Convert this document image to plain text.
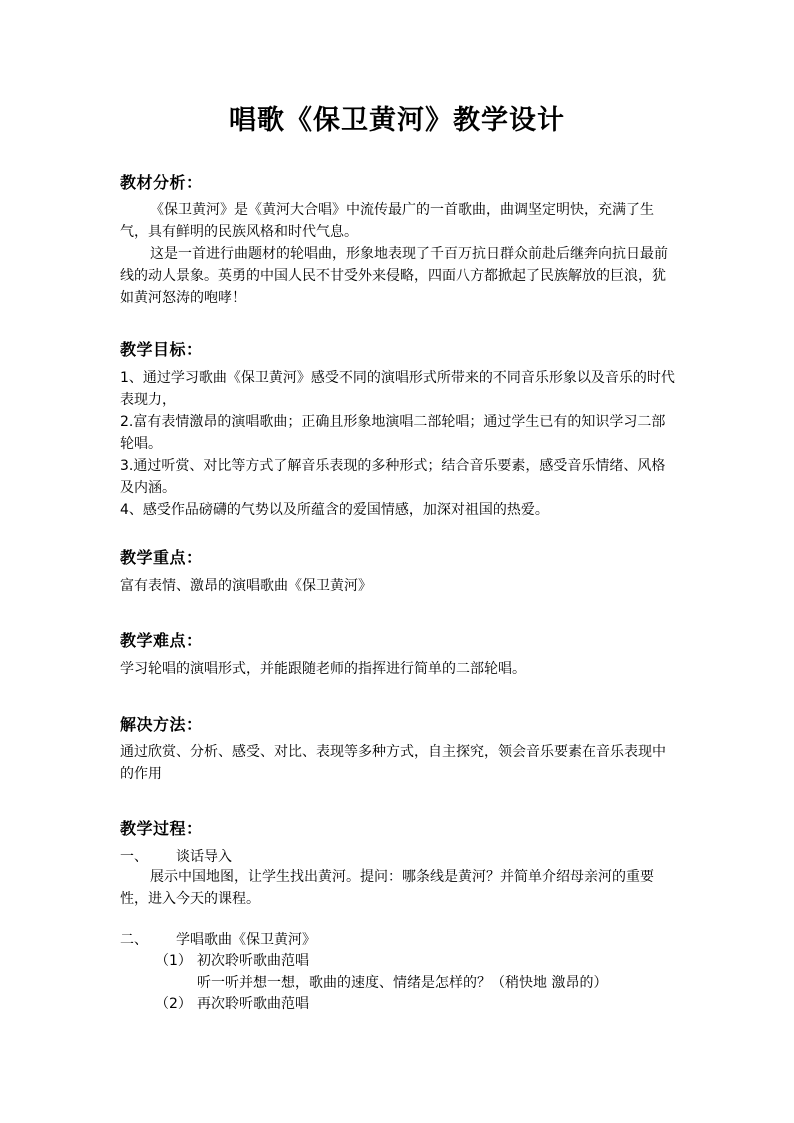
唱歌《保卫黄河》教学设计
教材分析：
《保卫黄河》是《黄河大合唱》中流传最广的一首歌曲，曲调坚定明快，充满了生气，具有鲜明的民族风格和时代气息。
这是一首进行曲题材的轮唱曲，形象地表现了千百万抗日群众前赴后继奔向抗日最前线的动人景象。英勇的中国人民不甘受外来侵略，四面八方都掀起了民族解放的巨浪，犹如黄河怒涛的咆哮！
教学目标：
1、通过学习歌曲《保卫黄河》感受不同的演唱形式所带来的不同音乐形象以及音乐的时代表现力，
2.富有表情激昂的演唱歌曲；正确且形象地演唱二部轮唱；通过学生已有的知识学习二部轮唱。
3.通过听赏、对比等方式了解音乐表现的多种形式；结合音乐要素，感受音乐情绪、风格及内涵。
4、感受作品磅礴的气势以及所蕴含的爱国情感，加深对祖国的热爱。
教学重点：
富有表情、激昂的演唱歌曲《保卫黄河》
教学难点：
学习轮唱的演唱形式，并能跟随老师的指挥进行简单的二部轮唱。
解决方法：
通过欣赏、分析、感受、对比、表现等多种方式，自主探究，领会音乐要素在音乐表现中的作用
教学过程：
一、 谈话导入
展示中国地图，让学生找出黄河。提问：哪条线是黄河？并简单介绍母亲河的重要性，进入今天的课程。
二、 学唱歌曲《保卫黄河》
（1） 初次聆听歌曲范唱
听一听并想一想，歌曲的速度、情绪是怎样的？（稍快地 激昂的）
（2） 再次聆听歌曲范唱
